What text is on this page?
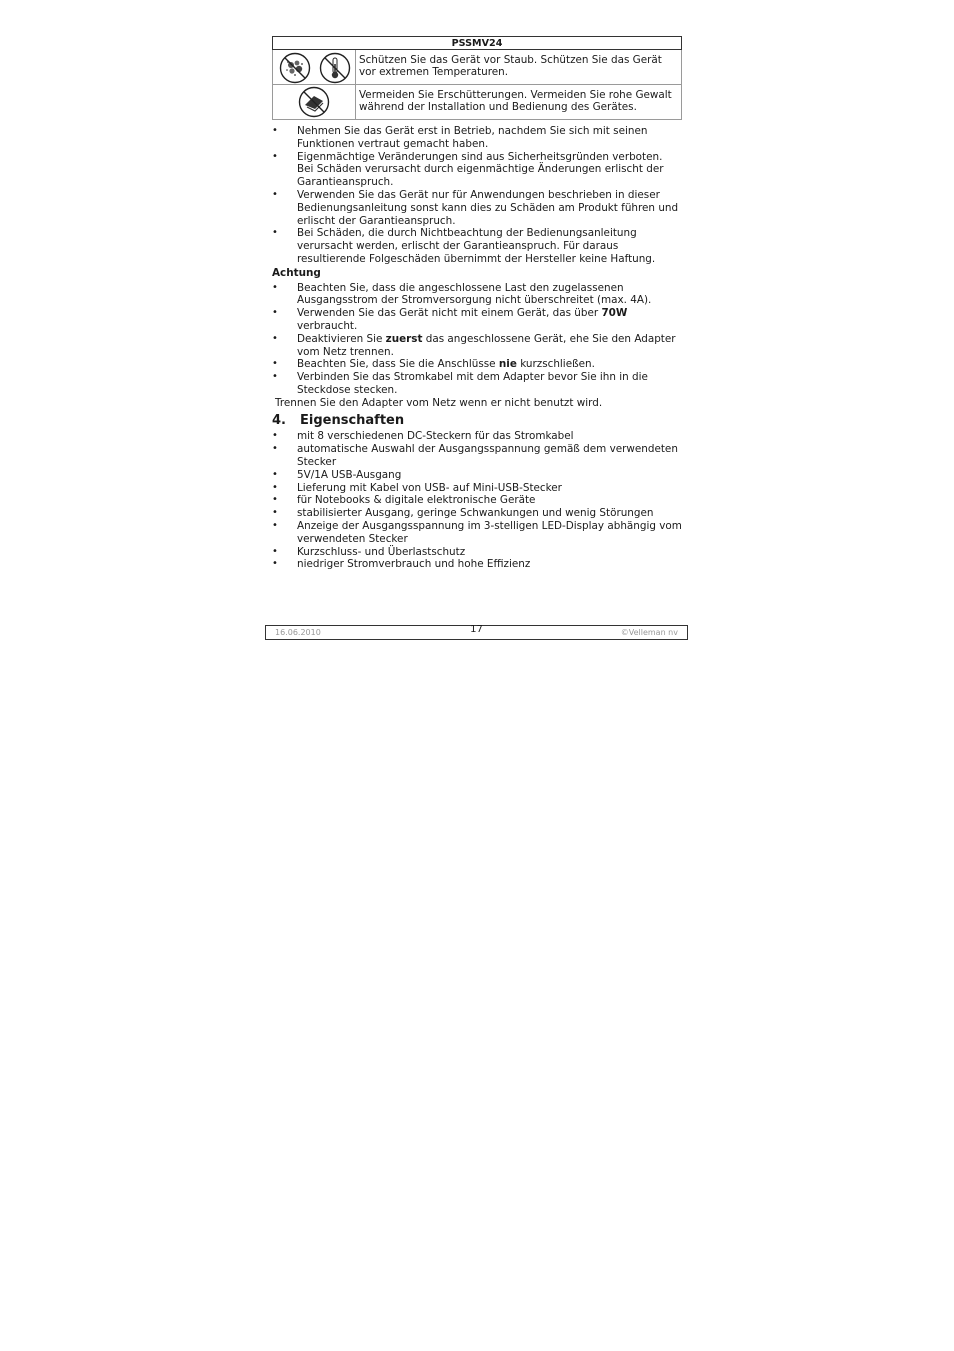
PSSMV24
	Schützen Sie das Gerät vor Staub. Schützen Sie das Gerät vor extremen Temperaturen.

	Vermeiden Sie Erschütterungen. Vermeiden Sie rohe Gewalt während der Installation und Bedienung des Gerätes.
• Nehmen Sie das Gerät erst in Betrieb, nachdem Sie sich mit seinen Funktionen vertraut gemacht haben.
• Eigenmächtige Veränderungen sind aus Sicherheitsgründen verboten. Bei Schäden verursacht durch eigenmächtige Änderungen erlischt der Garantieanspruch.
• Verwenden Sie das Gerät nur für Anwendungen beschrieben in dieser Bedienungsanleitung sonst kann dies zu Schäden am Produkt führen und erlischt der Garantieanspruch.
• Bei Schäden, die durch Nichtbeachtung der Bedienungsanleitung verursacht werden, erlischt der Garantieanspruch. Für daraus resultierende Folgeschäden übernimmt der Hersteller keine Haftung.
Achtung
• Beachten Sie, dass die angeschlossene Last den zugelassenen Ausgangsstrom der Stromversorgung nicht überschreitet (max. 4A).
• Verwenden Sie das Gerät nicht mit einem Gerät, das über 70W verbraucht.
• Deaktivieren Sie zuerst das angeschlossene Gerät, ehe Sie den Adapter vom Netz trennen.
• Beachten Sie, dass Sie die Anschlüsse nie kurzschließen.
• Verbinden Sie das Stromkabel mit dem Adapter bevor Sie ihn in die Steckdose stecken.
Trennen Sie den Adapter vom Netz wenn er nicht benutzt wird.
4. Eigenschaften
• mit 8 verschiedenen DC-Steckern für das Stromkabel
• automatische Auswahl der Ausgangsspannung gemäß dem verwendeten Stecker
• 5V/1A USB-Ausgang
• Lieferung mit Kabel von USB- auf Mini-USB-Stecker
• für Notebooks & digitale elektronische Geräte
• stabilisierter Ausgang, geringe Schwankungen und wenig Störungen
• Anzeige der Ausgangsspannung im 3-stelligen LED-Display abhängig vom verwendeten Stecker
• Kurzschluss- und Überlastschutz
• niedriger Stromverbrauch und hohe Effizienz
16.06.2010	17	©Velleman nv
